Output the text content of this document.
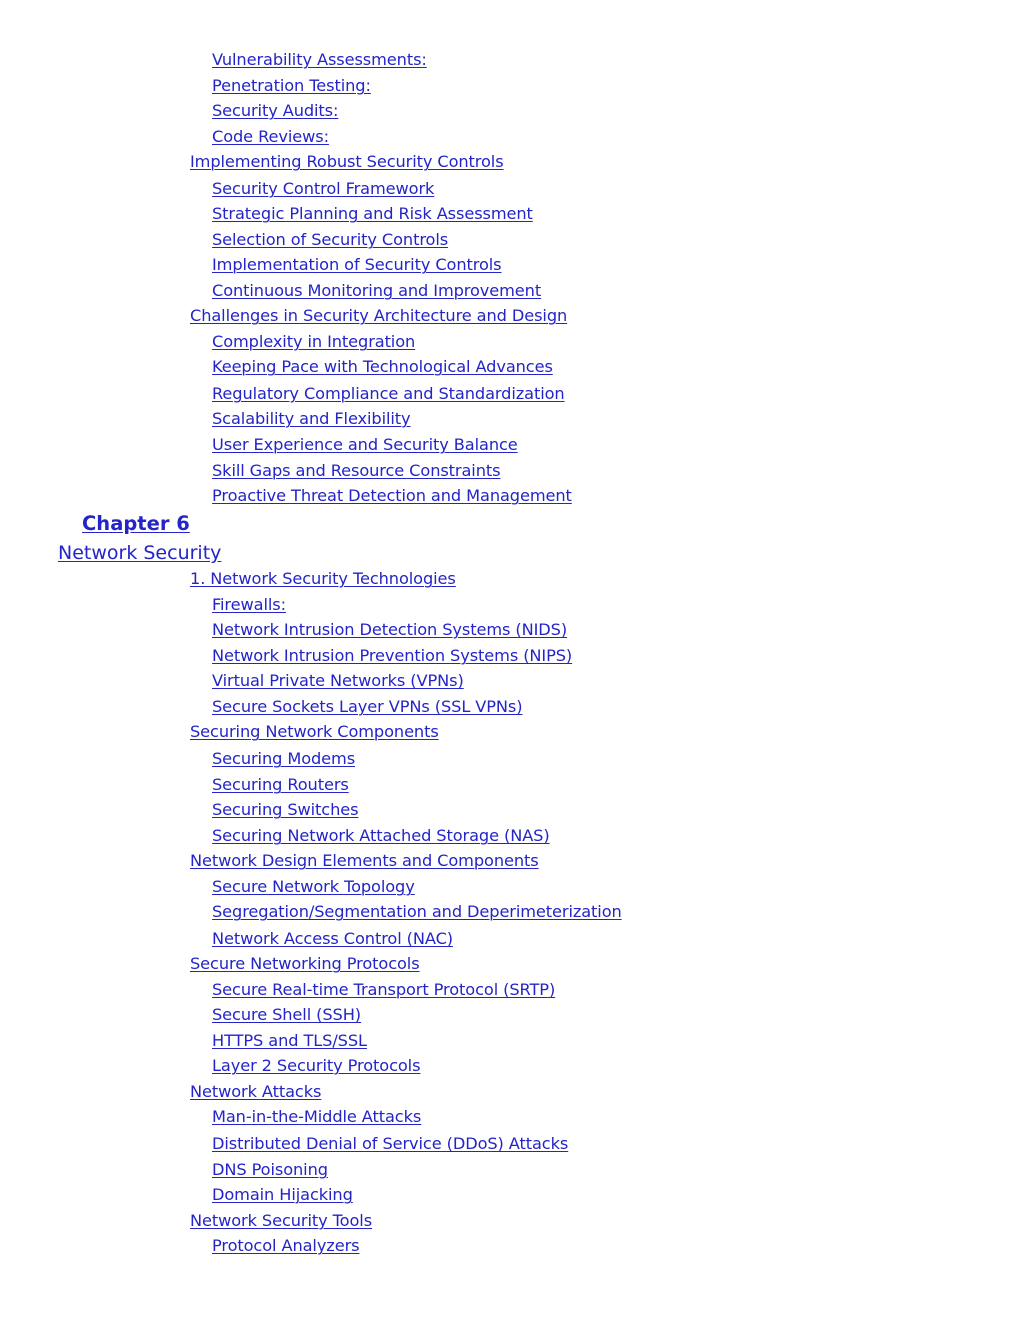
Vulnerability Assessments:
Penetration Testing:
Security Audits:
Code Reviews:
Implementing Robust Security Controls
Security Control Framework
Strategic Planning and Risk Assessment
Selection of Security Controls
Implementation of Security Controls
Continuous Monitoring and Improvement
Challenges in Security Architecture and Design
Complexity in Integration
Keeping Pace with Technological Advances
Regulatory Compliance and Standardization
Scalability and Flexibility
User Experience and Security Balance
Skill Gaps and Resource Constraints
Proactive Threat Detection and Management
Chapter 6
Network Security
1. Network Security Technologies
Firewalls:
Network Intrusion Detection Systems (NIDS)
Network Intrusion Prevention Systems (NIPS)
Virtual Private Networks (VPNs)
Secure Sockets Layer VPNs (SSL VPNs)
Securing Network Components
Securing Modems
Securing Routers
Securing Switches
Securing Network Attached Storage (NAS)
Network Design Elements and Components
Secure Network Topology
Segregation/Segmentation and Deperimeterization
Network Access Control (NAC)
Secure Networking Protocols
Secure Real-time Transport Protocol (SRTP)
Secure Shell (SSH)
HTTPS and TLS/SSL
Layer 2 Security Protocols
Network Attacks
Man-in-the-Middle Attacks
Distributed Denial of Service (DDoS) Attacks
DNS Poisoning
Domain Hijacking
Network Security Tools
Protocol Analyzers
